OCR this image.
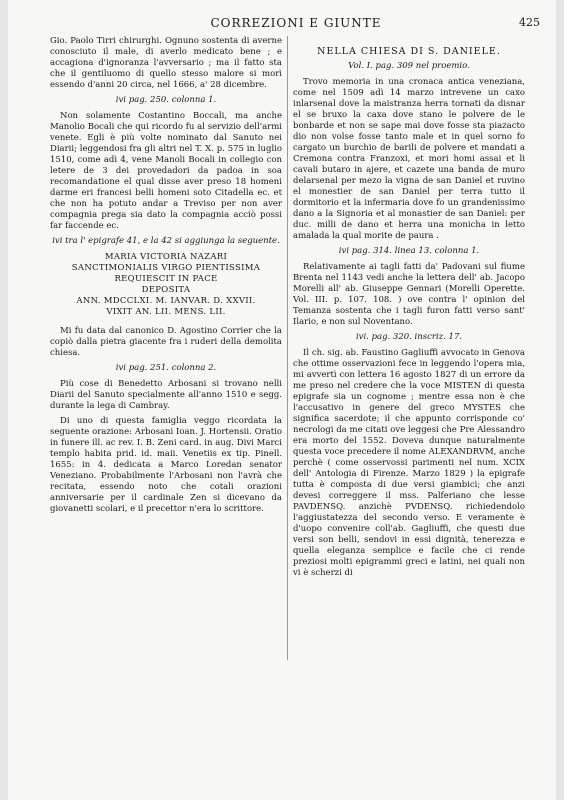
CORREZIONI E GIUNTE	425

Gio. Paolo Tirri chirurghi. Ognuno sostenta di averne conosciuto il male, di averlo medicato bene ; e accagiona d'ignoranza l'avversario ; ma il fatto sta che il gentiluomo di quello stesso malore si morì essendo d'anni 20 circa, nel 1666, a' 28 dicembre.

ivi pag. 250. colonna 1.

Non solamente Costantino Boccali, ma anche Manolio Bocali che qui ricordo fu al servizio dell'armi venete. Egli è più volte nominato dal Sanuto nei Diarii; leggendosi fra gli altri nel T. X. p. 575 in luglio 1510, come adì 4, vene Manoli Bocali in collegio con letere de 3 dei provedadori da padoa in soa recomandatione el qual disse aver preso 18 homeni darme eri francesi belli homeni soto Citadella ec. et che non ha potuto andar a Treviso per non aver compagnia prega sia dato la compagnia acciò possi far faccende ec.

ivi tra l' epigrafe 41, e la 42 si aggiunga la seguente.
MARIA VICTORIA NAZARI
SANCTIMONIALIS VIRGO PIENTISSIMA
REQUIESCIT IN PACE
DEPOSITA
ANN. MDCCLXI. M. IANVAR. D. XXVII.
VIXIT AN. LII. MENS. LII.

Mi fu data dal canonico D. Agostino Corrier che la copiò dalla pietra giacente fra i ruderi della demolita chiesa.

ivi pag. 251. colonna 2.

Più cose di Benedetto Arbosani si trovano nelli Diarii del Sanuto specialmente all'anno 1510 e segg. durante la lega di Cambray.

Di uno di questa famiglia veggo ricordata la seguente orazione: Arbosani Ioan. J. Hortensii. Oratio in funere ill. ac rev. I. B. Zeni card. in aug. Divi Marci templo habita prid. id. maii. Venetiis ex tip. Pinell. 1655: in 4. dedicata a Marco Loredan senator Veneziano. Probabilmente l'Arbosani non l'avrà che recitata, essendo noto che cotali orazioni anniversarie per il cardinale Zen si dicevano da giovanetti scolari, e il precettor n'era lo scrittore.

NELLA CHIESA DI S. DANIELE.
Vol. I. pag. 309 nel proemio.

Trovo memoria in una cronaca antica veneziana, come nel 1509 adì 14 marzo intrevene un caxo inlarsenal dove la maistranza herra tornati da disnar el se bruxo la caxa dove stano le polvere de le bonbarde et non se sape mai dove fosse sta piazacto dio non volse fosse tanto male et in quel sorno fo cargato un burchio de barili de polvere et mandati a Cremona contra Franzoxi, et mori homi assai et li cavali butaro in ajere, et cazete una banda de muro delarsenal per mezo la vigna de san Daniel et ruvino el monestier de san Daniel per terra tutto il dormitorio et la infermaria dove fo un grandenissimo dano a la Signoria et al monastier de san Daniel: per duc. milli de dano et herra una monicha in letto amalada la qual morite de paura .

ivi pag. 314. linea 13. colonna 1.

Relativamente ai tagli fatti da' Padovani sul fiume Brenta nel 1143 vedi anche la lettera dell' ab. Jacopo Morelli all' ab. Giuseppe Gennari (Morelli Operette. Vol. III. p. 107. 108. ) ove contra l' opinion del Temanza sostenta che i tagli furon fatti verso sant' Ilario, e non sul Noventano.

ivi. pag. 320. inscriz. 17.

Il ch. sig. ab. Faustino Gagliuffi avvocato in Genova che ottime osservazioni fece in leggendo l'opera mia, mi avvertì con lettera 16 agosto 1827 di un errore da me preso nel credere che la voce MISTEN di questa epigrafe sia un cognome ; mentre essa non è che l'accusativo in genere del greco MYSTES che significa sacerdote; il che appunto corrisponde co' necrologi da me citati ove leggesi che Pre Alessandro era morto del 1552. Doveva dunque naturalmente questa voce precedere il nome ALEXANDRVM, anche perchè ( come osservossi parimenti nel num. XCIX dell' Antologia di Firenze. Marzo 1829 ) la epigrafe tutta è composta di due versi giambici; che anzi devesi correggere il mss. Palferiano che lesse PAVDENSQ. anzichè PVDENSQ. richiedendolo l'aggiustatezza del secondo verso. E veramente è d'uopo convenire coll'ab. Gagliuffi, che questi due versi son belli, sendovi in essi dignità, tenerezza e quella eleganza semplice e facile che ci rende preziosi molti epigrammi greci e latini, nei quali non vi è scherzi di
